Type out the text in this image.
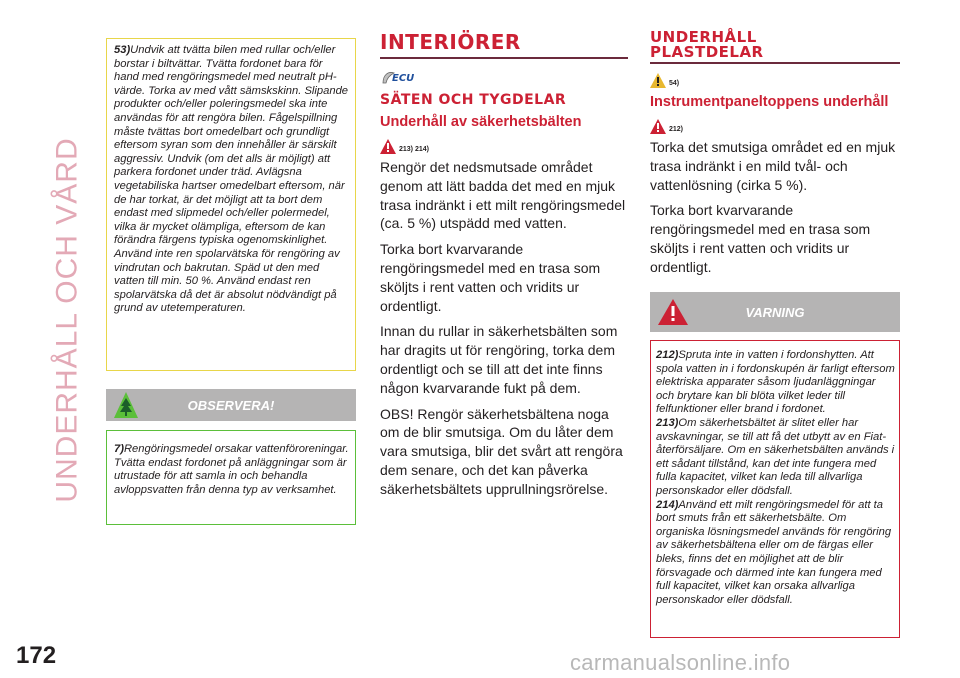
UNDERHÅLL OCH VÅRD
172	carmanualsonline.info
53)Undvik att tvätta bilen med rullar och/eller borstar i biltvättar. Tvätta fordonet bara för hand med rengöringsmedel med neutralt pH-värde. Torka av med vått sämskskinn. Slipande produkter och/eller poleringsmedel ska inte användas för att rengöra bilen. Fågelspillning måste tvättas bort omedelbart och grundligt eftersom syran som den innehåller är särskilt aggressiv. Undvik (om det alls är möjligt) att parkera fordonet under träd. Avlägsna vegetabiliska hartser omedelbart eftersom, när de har torkat, är det möjligt att ta bort dem endast med slipmedel och/eller polermedel, vilka är mycket olämpliga, eftersom de kan förändra färgens typiska ogenomskinlighet. Använd inte ren spolarvätska för rengöring av vindrutan och bakrutan. Späd ut den med vatten till min. 50 %. Använd endast ren spolarvätska då det är absolut nödvändigt på grund av utetemperaturen.
OBSERVERA!
7)Rengöringsmedel orsakar vattenföroreningar. Tvätta endast fordonet på anläggningar som är utrustade för att samla in och behandla avloppsvatten från denna typ av verksamhet.
INTERIÖRER
ECU
SÄTEN OCH TYGDELAR
Underhåll av säkerhetsbälten
213) 214)

Rengör det nedsmutsade området genom att lätt badda det med en mjuk trasa indränkt i ett milt rengöringsmedel (ca. 5 %) utspädd med vatten.

Torka bort kvarvarande rengöringsmedel med en trasa som sköljts i rent vatten och vridits ur ordentligt.

Innan du rullar in säkerhetsbälten som har dragits ut för rengöring, torka dem ordentligt och se till att det inte finns någon kvarvarande fukt på dem.

OBS! Rengör säkerhetsbältena noga om de blir smutsiga. Om du låter dem vara smutsiga, blir det svårt att rengöra dem senare, och det kan påverka säkerhetsbältets upprullningsrörelse.

UNDERHÅLL
PLASTDELAR
54)
Instrumentpaneltoppens underhåll
212)

Torka det smutsiga området ed en mjuk trasa indränkt i en mild tvål- och vattenlösning (cirka 5 %).

Torka bort kvarvarande rengöringsmedel med en trasa som sköljts i rent vatten och vridits ur ordentligt.

VARNING

212)Spruta inte in vatten i fordonshytten. Att spola vatten in i fordonskupén är farligt eftersom elektriska apparater såsom ljudanläggningar och brytare kan bli blöta vilket leder till felfunktioner eller brand i fordonet.

213)Om säkerhetsbältet är slitet eller har avskavningar, se till att få det utbytt av en Fiat-återförsäljare. Om en säkerhetsbälten används i ett sådant tillstånd, kan det inte fungera med fulla kapacitet, vilket kan leda till allvarliga personskador eller dödsfall.

214)Använd ett milt rengöringsmedel för att ta bort smuts från ett säkerhetsbälte. Om organiska lösningsmedel används för rengöring av säkerhetsbältena eller om de färgas eller bleks, finns det en möjlighet att de blir försvagade och därmed inte kan fungera med full kapacitet, vilket kan orsaka allvarliga personskador eller dödsfall.
